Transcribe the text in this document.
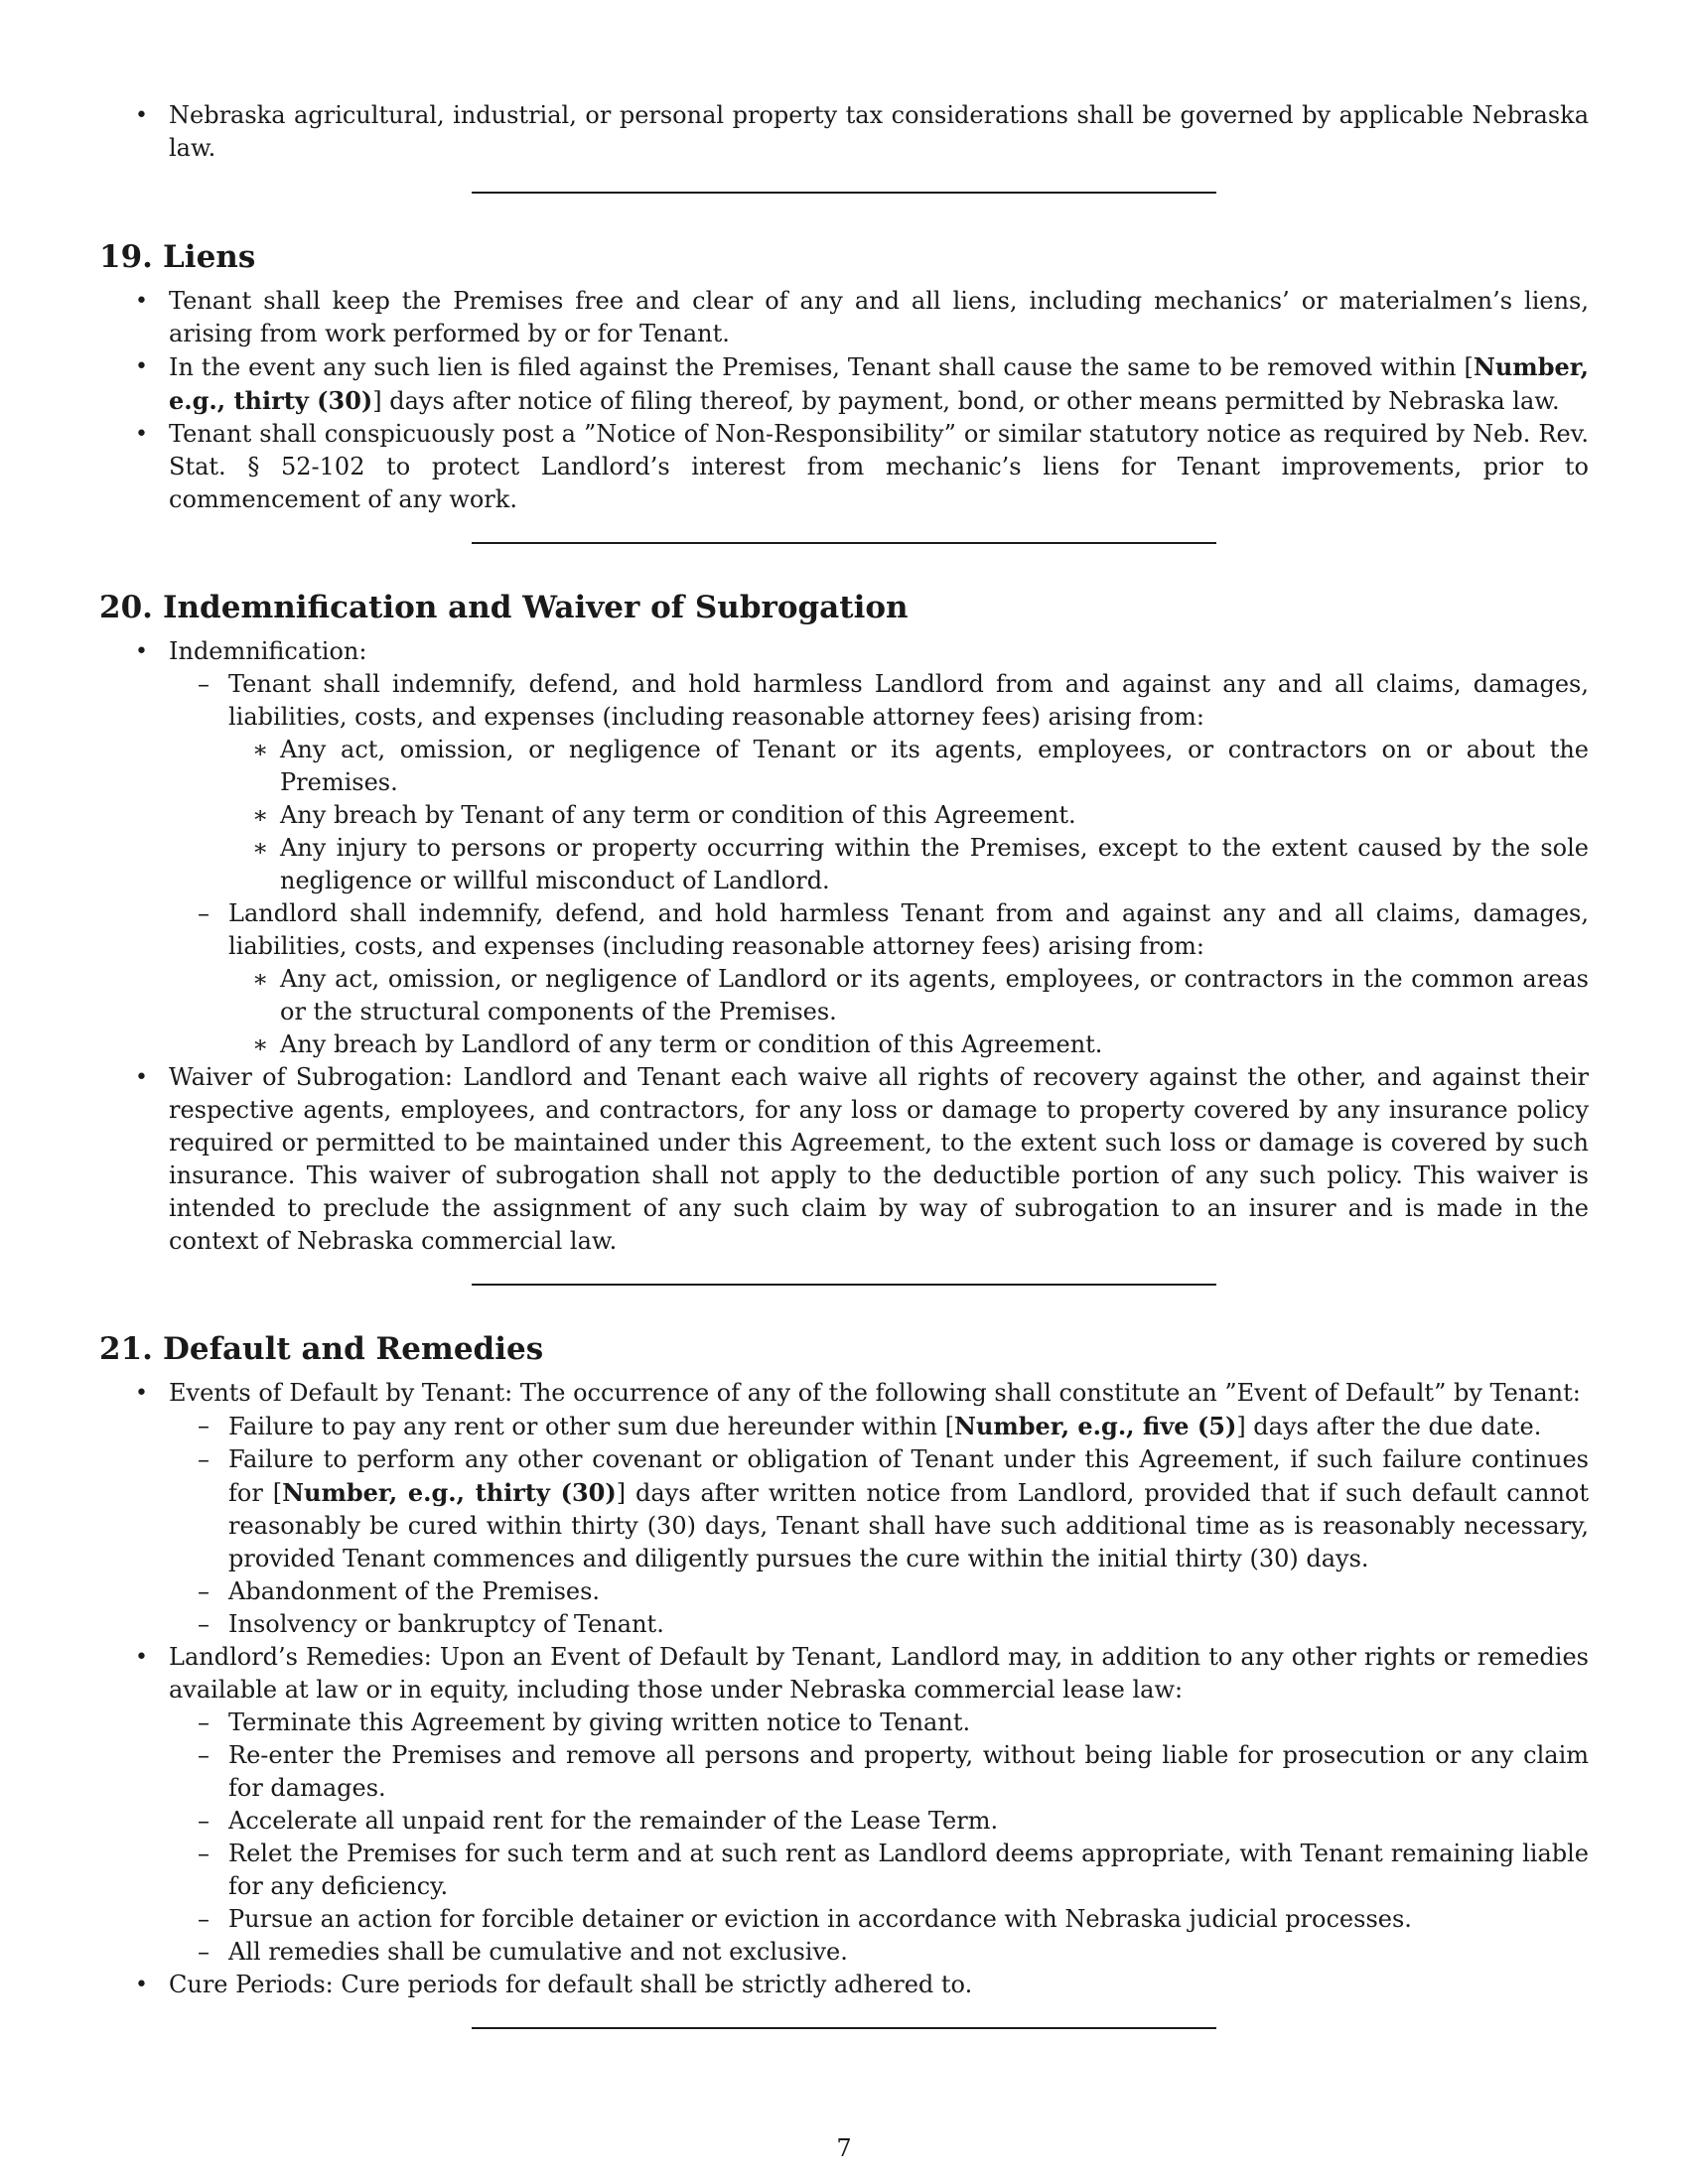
• Nebraska agricultural, industrial, or personal property tax considerations shall be governed by applicable Nebraska law.
19. Liens
• Tenant shall keep the Premises free and clear of any and all liens, including mechanics’ or materialmen’s liens, arising from work performed by or for Tenant.
• In the event any such lien is filed against the Premises, Tenant shall cause the same to be removed within [Number, e.g., thirty (30)] days after notice of filing thereof, by payment, bond, or other means permitted by Nebraska law.
• Tenant shall conspicuously post a ”Notice of Non-Responsibility” or similar statutory notice as required by Neb. Rev. Stat. § 52-102 to protect Landlord’s interest from mechanic’s liens for Tenant improvements, prior to commencement of any work.
20. Indemnification and Waiver of Subrogation
• Indemnification:
– Tenant shall indemnify, defend, and hold harmless Landlord from and against any and all claims, damages, liabilities, costs, and expenses (including reasonable attorney fees) arising from:
∗ Any act, omission, or negligence of Tenant or its agents, employees, or contractors on or about the Premises.
∗ Any breach by Tenant of any term or condition of this Agreement.
∗ Any injury to persons or property occurring within the Premises, except to the extent caused by the sole negligence or willful misconduct of Landlord.
– Landlord shall indemnify, defend, and hold harmless Tenant from and against any and all claims, damages, liabilities, costs, and expenses (including reasonable attorney fees) arising from:
∗ Any act, omission, or negligence of Landlord or its agents, employees, or contractors in the common areas or the structural components of the Premises.
∗ Any breach by Landlord of any term or condition of this Agreement.
• Waiver of Subrogation: Landlord and Tenant each waive all rights of recovery against the other, and against their respective agents, employees, and contractors, for any loss or damage to property covered by any insurance policy required or permitted to be maintained under this Agreement, to the extent such loss or damage is covered by such insurance. This waiver of subrogation shall not apply to the deductible portion of any such policy. This waiver is intended to preclude the assignment of any such claim by way of subrogation to an insurer and is made in the context of Nebraska commercial law.
21. Default and Remedies
• Events of Default by Tenant: The occurrence of any of the following shall constitute an ”Event of Default” by Tenant:
– Failure to pay any rent or other sum due hereunder within [Number, e.g., five (5)] days after the due date.
– Failure to perform any other covenant or obligation of Tenant under this Agreement, if such failure continues for [Number, e.g., thirty (30)] days after written notice from Landlord, provided that if such default cannot reasonably be cured within thirty (30) days, Tenant shall have such additional time as is reasonably necessary, provided Tenant commences and diligently pursues the cure within the initial thirty (30) days.
– Abandonment of the Premises.
– Insolvency or bankruptcy of Tenant.
• Landlord’s Remedies: Upon an Event of Default by Tenant, Landlord may, in addition to any other rights or remedies available at law or in equity, including those under Nebraska commercial lease law:
– Terminate this Agreement by giving written notice to Tenant.
– Re-enter the Premises and remove all persons and property, without being liable for prosecution or any claim for damages.
– Accelerate all unpaid rent for the remainder of the Lease Term.
– Relet the Premises for such term and at such rent as Landlord deems appropriate, with Tenant remaining liable for any deficiency.
– Pursue an action for forcible detainer or eviction in accordance with Nebraska judicial processes.
– All remedies shall be cumulative and not exclusive.
• Cure Periods: Cure periods for default shall be strictly adhered to.
7
